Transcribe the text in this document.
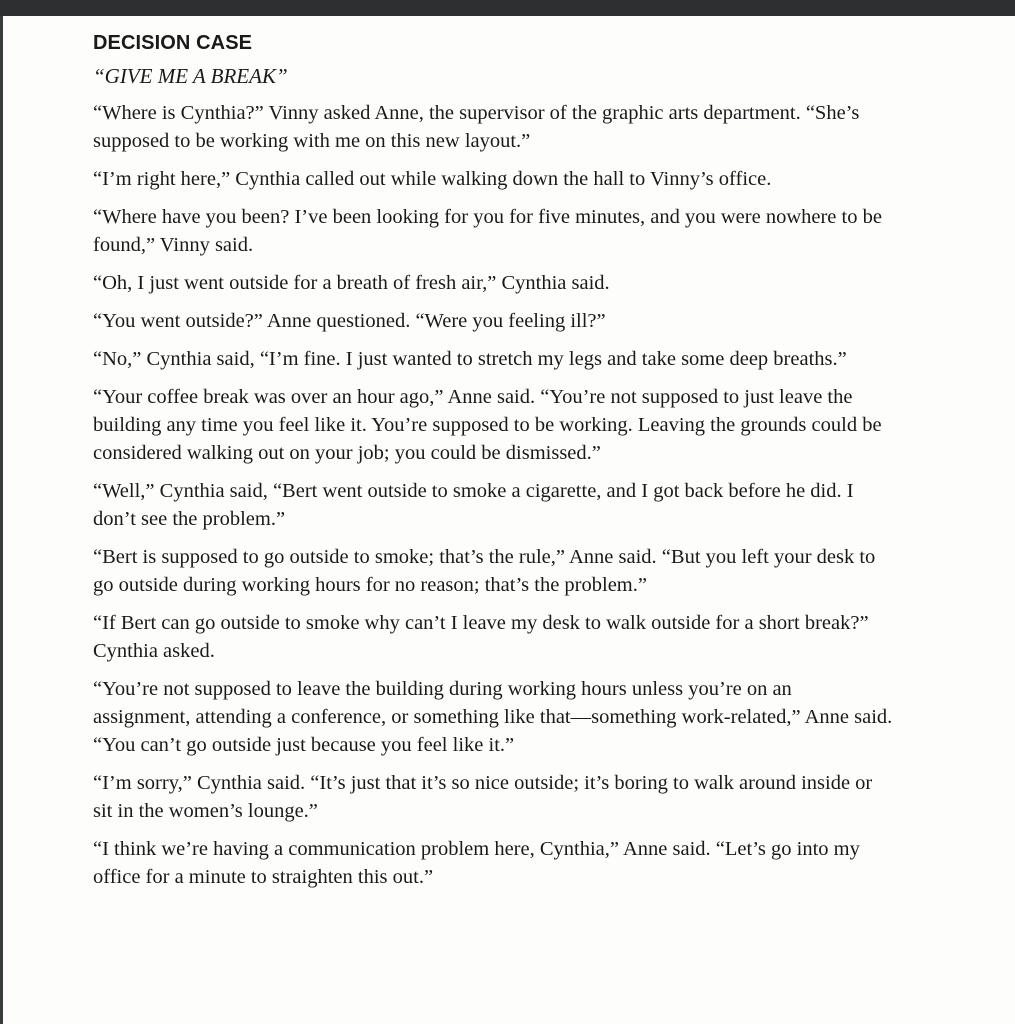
DECISION CASE
“GIVE ME A BREAK”

“Where is Cynthia?” Vinny asked Anne, the supervisor of the graphic arts department. “She’s supposed to be working with me on this new layout.”

“I’m right here,” Cynthia called out while walking down the hall to Vinny’s office.

“Where have you been? I’ve been looking for you for five minutes, and you were nowhere to be found,” Vinny said.

“Oh, I just went outside for a breath of fresh air,” Cynthia said.

“You went outside?” Anne questioned. “Were you feeling ill?”

“No,” Cynthia said, “I’m fine. I just wanted to stretch my legs and take some deep breaths.”

“Your coffee break was over an hour ago,” Anne said. “You’re not supposed to just leave the building any time you feel like it. You’re supposed to be working. Leaving the grounds could be considered walking out on your job; you could be dismissed.”

“Well,” Cynthia said, “Bert went outside to smoke a cigarette, and I got back before he did. I don’t see the problem.”

“Bert is supposed to go outside to smoke; that’s the rule,” Anne said. “But you left your desk to go outside during working hours for no reason; that’s the problem.”

“If Bert can go outside to smoke why can’t I leave my desk to walk outside for a short break?” Cynthia asked.

“You’re not supposed to leave the building during working hours unless you’re on an assignment, attending a conference, or something like that—something work-related,” Anne said. “You can’t go outside just because you feel like it.”

“I’m sorry,” Cynthia said. “It’s just that it’s so nice outside; it’s boring to walk around inside or sit in the women’s lounge.”

“I think we’re having a communication problem here, Cynthia,” Anne said. “Let’s go into my office for a minute to straighten this out.”
